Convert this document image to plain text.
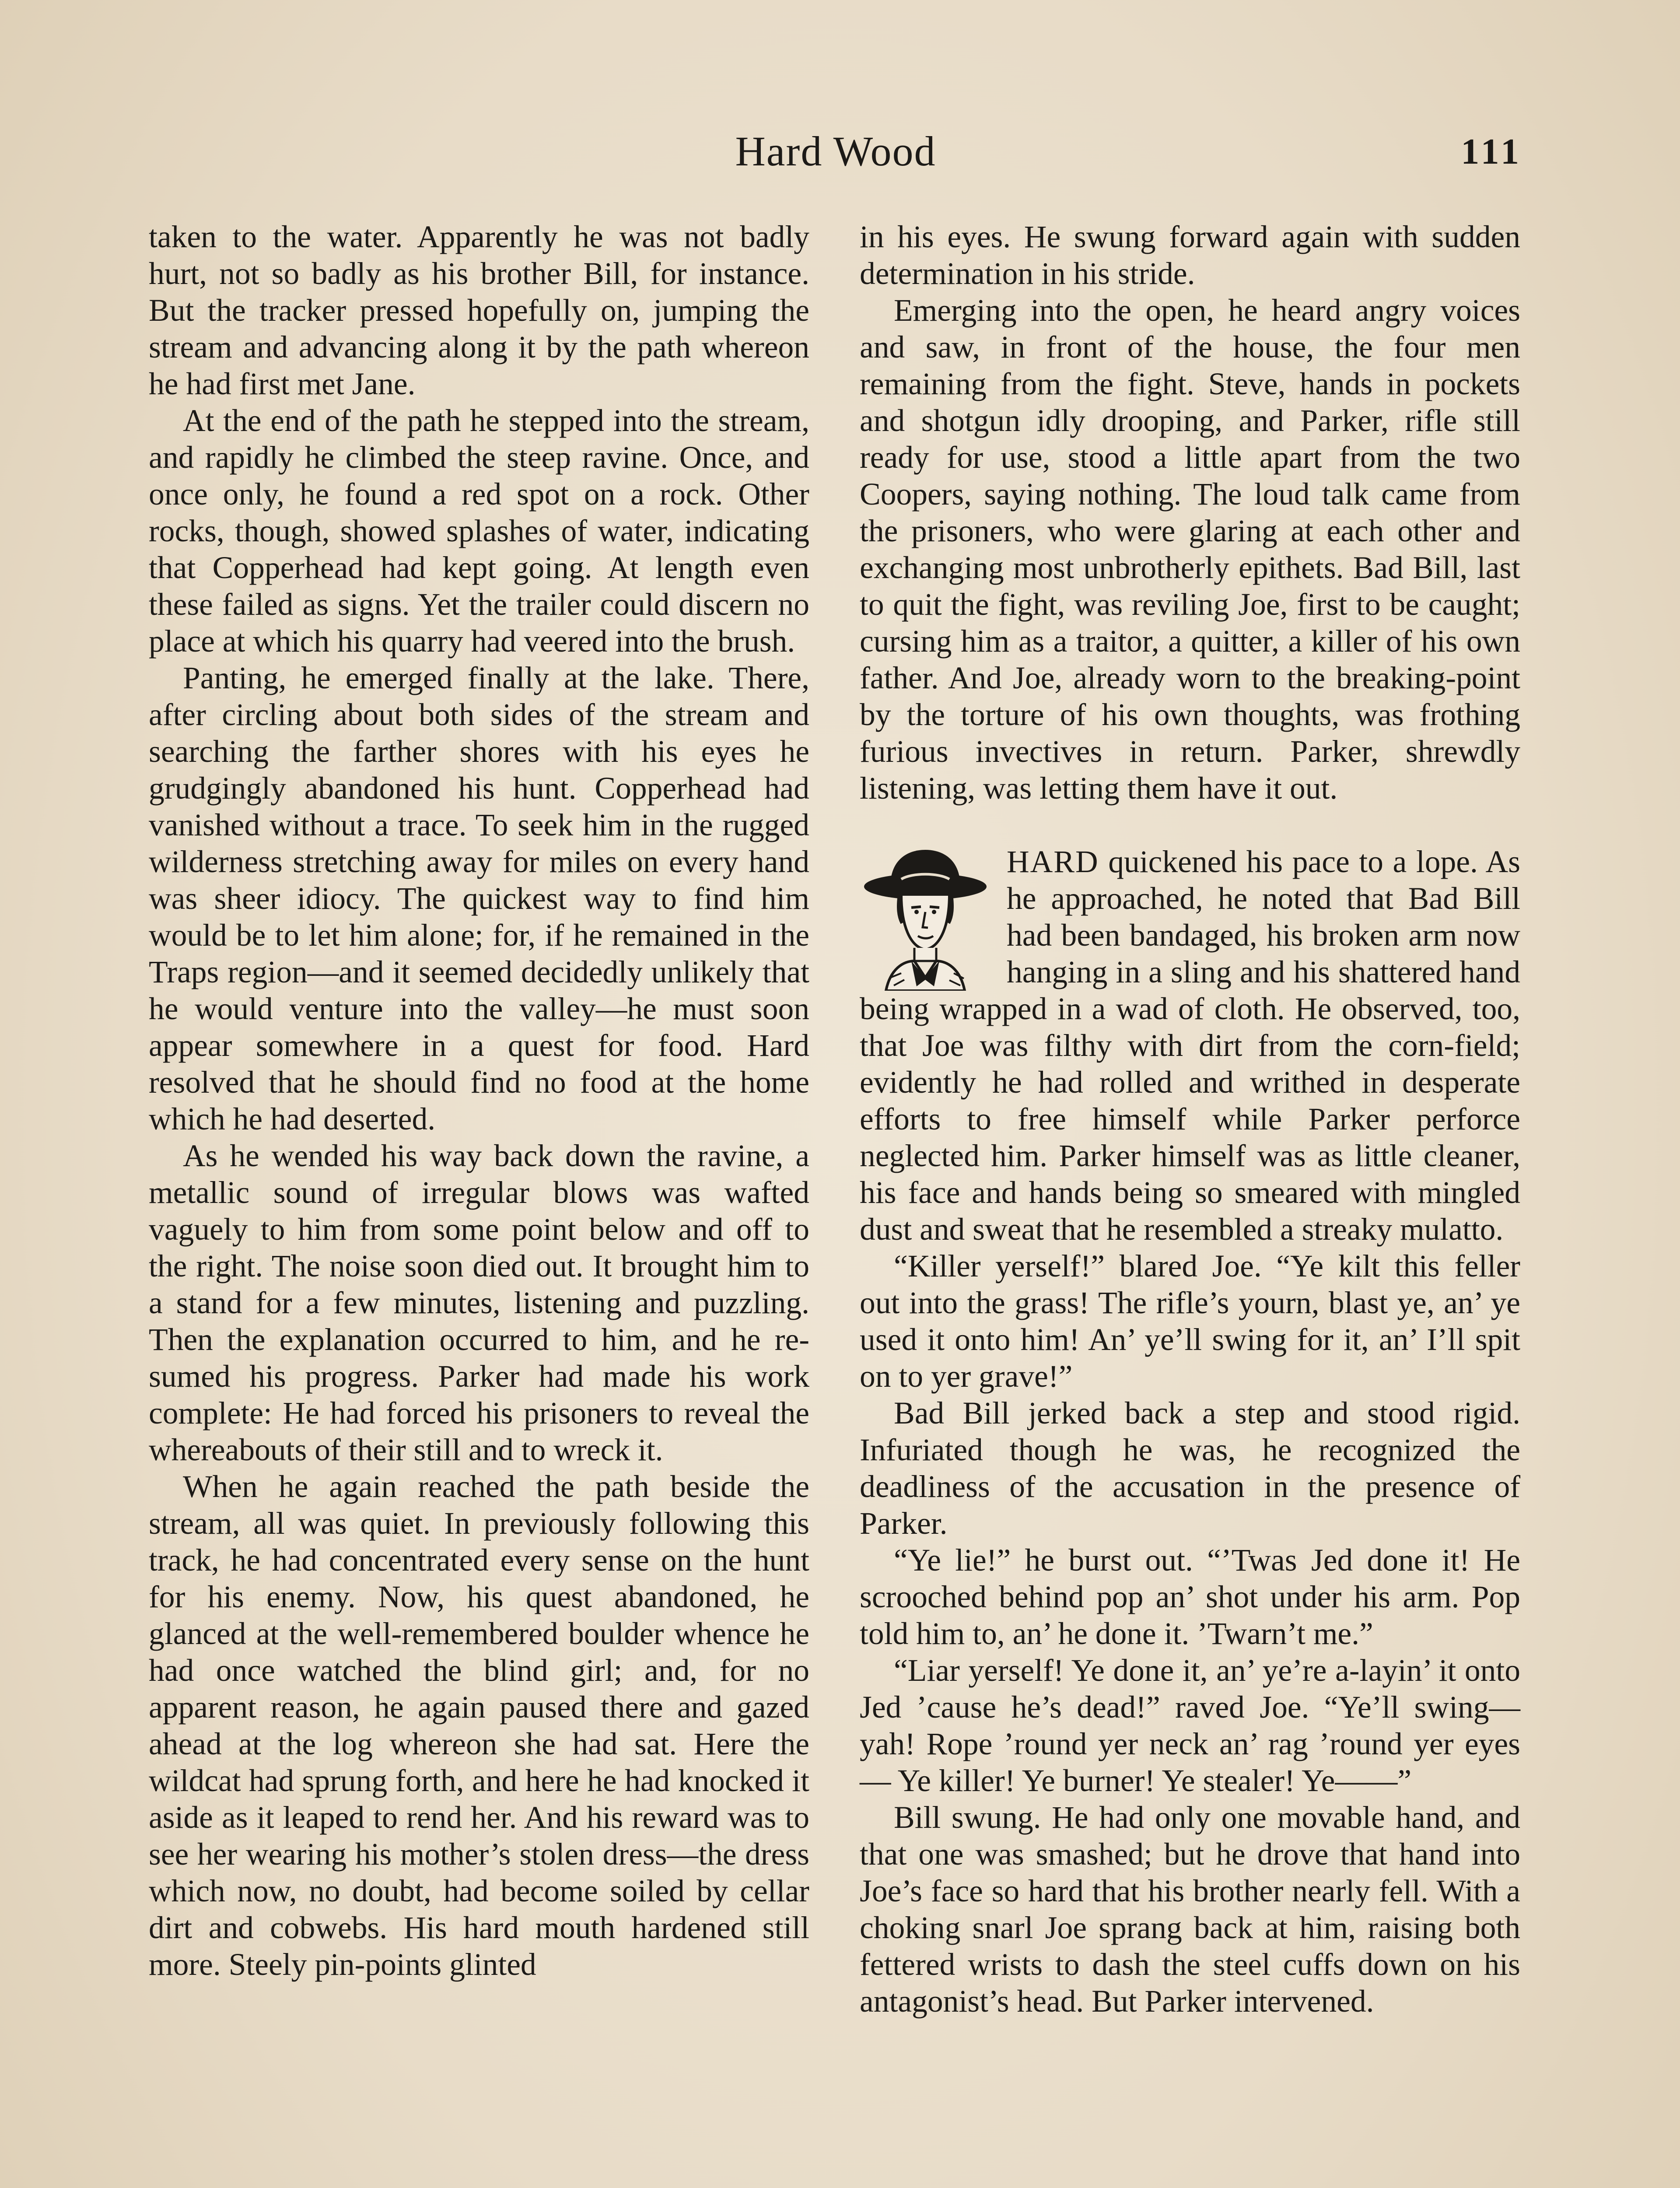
Hard Wood	111

taken to the water. Apparently he was not badly hurt, not so badly as his brother Bill, for instance. But the tracker pressed hopefully on, jumping the stream and advancing along it by the path whereon he had first met Jane.

At the end of the path he stepped into the stream, and rapidly he climbed the steep ravine. Once, and once only, he found a red spot on a rock. Other rocks, though, showed splashes of water, indicating that Copperhead had kept going. At length even these failed as signs. Yet the trailer could discern no place at which his quarry had veered into the brush.

Panting, he emerged finally at the lake. There, after circling about both sides of the stream and searching the farther shores with his eyes he grudgingly abandoned his hunt. Copperhead had vanished without a trace. To seek him in the rugged wilderness stretching away for miles on every hand was sheer idiocy. The quickest way to find him would be to let him alone; for, if he remained in the Traps region—and it seemed decidedly unlikely that he would venture into the valley—he must soon appear somewhere in a quest for food. Hard resolved that he should find no food at the home which he had deserted.

As he wended his way back down the ravine, a metallic sound of irregular blows was wafted vaguely to him from some point below and off to the right. The noise soon died out. It brought him to a stand for a few minutes, listening and puzzling. Then the explanation occurred to him, and he resumed his progress. Parker had made his work complete: He had forced his prisoners to reveal the whereabouts of their still and to wreck it.

When he again reached the path beside the stream, all was quiet. In previously following this track, he had concentrated every sense on the hunt for his enemy. Now, his quest abandoned, he glanced at the well-remembered boulder whence he had once watched the blind girl; and, for no apparent reason, he again paused there and gazed ahead at the log whereon she had sat. Here the wildcat had sprung forth, and here he had knocked it aside as it leaped to rend her. And his reward was to see her wearing his mother’s stolen dress—the dress which now, no doubt, had become soiled by cellar dirt and cobwebs. His hard mouth hardened still more. Steely pin-points glinted

in his eyes. He swung forward again with sudden determination in his stride.

Emerging into the open, he heard angry voices and saw, in front of the house, the four men remaining from the fight. Steve, hands in pockets and shotgun idly drooping, and Parker, rifle still ready for use, stood a little apart from the two Coopers, saying nothing. The loud talk came from the prisoners, who were glaring at each other and exchanging most unbrotherly epithets. Bad Bill, last to quit the fight, was reviling Joe, first to be caught; cursing him as a traitor, a quitter, a killer of his own father. And Joe, already worn to the breaking-point by the torture of his own thoughts, was frothing furious invectives in return. Parker, shrewdly listening, was letting them have it out.

HARD quickened his pace to a lope. As he approached, he noted that Bad Bill had been bandaged, his broken arm now hanging in a sling and his shattered hand being wrapped in a wad of cloth. He observed, too, that Joe was filthy with dirt from the corn-field; evidently he had rolled and writhed in desperate efforts to free himself while Parker perforce neglected him. Parker himself was as little cleaner, his face and hands being so smeared with mingled dust and sweat that he resembled a streaky mulatto.

“Killer yerself!” blared Joe. “Ye kilt this feller out into the grass! The rifle’s yourn, blast ye, an’ ye used it onto him! An’ ye’ll swing for it, an’ I’ll spit on to yer grave!”

Bad Bill jerked back a step and stood rigid. Infuriated though he was, he recognized the deadliness of the accusation in the presence of Parker.

“Ye lie!” he burst out. “’Twas Jed done it! He scrooched behind pop an’ shot under his arm. Pop told him to, an’ he done it. ’Twarn’t me.”

“Liar yerself! Ye done it, an’ ye’re a-layin’ it onto Jed ’cause he’s dead!” raved Joe. “Ye’ll swing—yah! Rope ’round yer neck an’ rag ’round yer eyes— Ye killer! Ye burner! Ye stealer! Ye——”

Bill swung. He had only one movable hand, and that one was smashed; but he drove that hand into Joe’s face so hard that his brother nearly fell. With a choking snarl Joe sprang back at him, raising both fettered wrists to dash the steel cuffs down on his antagonist’s head. But Parker intervened.
